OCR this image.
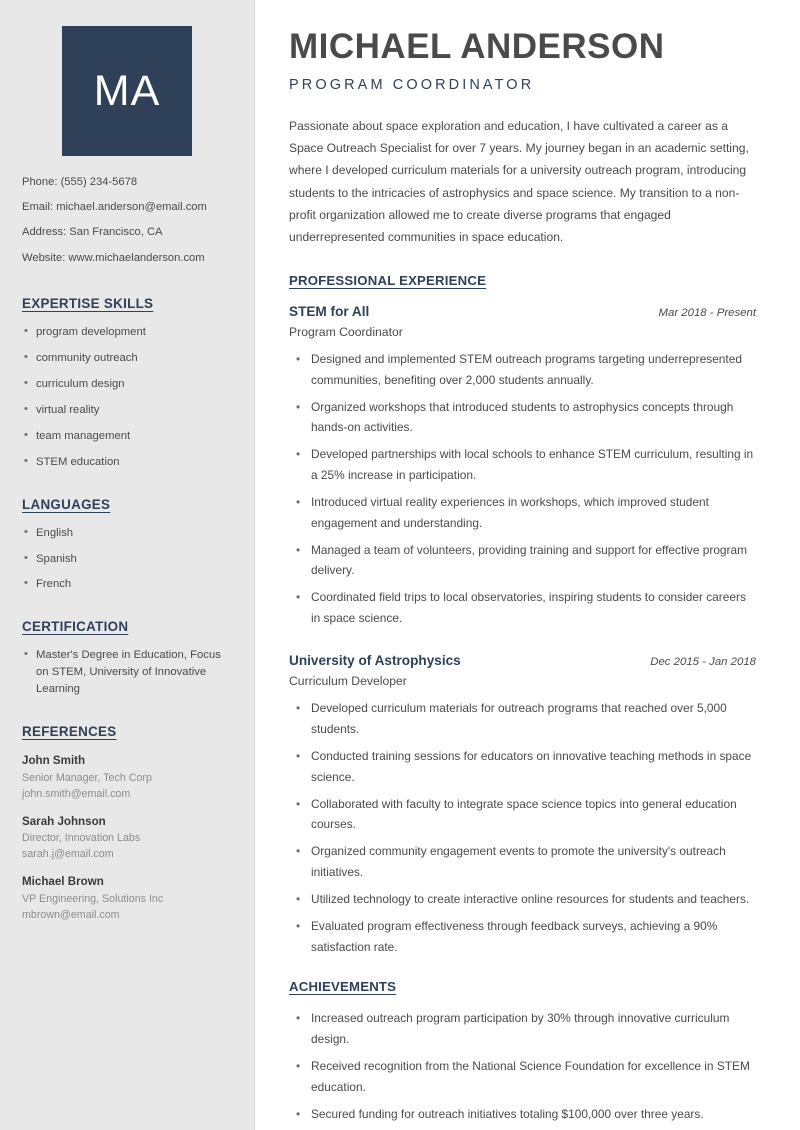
MA
Phone: (555) 234-5678
Email: michael.anderson@email.com
Address: San Francisco, CA
Website: www.michaelanderson.com
EXPERTISE SKILLS
• program development
• community outreach
• curriculum design
• virtual reality
• team management
• STEM education
LANGUAGES
• English
• Spanish
• French
CERTIFICATION
• Master's Degree in Education, Focus on STEM, University of Innovative Learning
REFERENCES
John Smith
Senior Manager, Tech Corp
john.smith@email.com
Sarah Johnson
Director, Innovation Labs
sarah.j@email.com
Michael Brown
VP Engineering, Solutions Inc
mbrown@email.com
MICHAEL ANDERSON
PROGRAM COORDINATOR

Passionate about space exploration and education, I have cultivated a career as a Space Outreach Specialist for over 7 years. My journey began in an academic setting, where I developed curriculum materials for a university outreach program, introducing students to the intricacies of astrophysics and space science. My transition to a non-profit organization allowed me to create diverse programs that engaged underrepresented communities in space education.

PROFESSIONAL EXPERIENCE
STEM for All	Mar 2018 - Present
Program Coordinator
• Designed and implemented STEM outreach programs targeting underrepresented communities, benefiting over 2,000 students annually.
• Organized workshops that introduced students to astrophysics concepts through hands-on activities.
• Developed partnerships with local schools to enhance STEM curriculum, resulting in a 25% increase in participation.
• Introduced virtual reality experiences in workshops, which improved student engagement and understanding.
• Managed a team of volunteers, providing training and support for effective program delivery.
• Coordinated field trips to local observatories, inspiring students to consider careers in space science.
University of Astrophysics	Dec 2015 - Jan 2018
Curriculum Developer
• Developed curriculum materials for outreach programs that reached over 5,000 students.
• Conducted training sessions for educators on innovative teaching methods in space science.
• Collaborated with faculty to integrate space science topics into general education courses.
• Organized community engagement events to promote the university's outreach initiatives.
• Utilized technology to create interactive online resources for students and teachers.
• Evaluated program effectiveness through feedback surveys, achieving a 90% satisfaction rate.
ACHIEVEMENTS
• Increased outreach program participation by 30% through innovative curriculum design.
• Received recognition from the National Science Foundation for excellence in STEM education.
• Secured funding for outreach initiatives totaling $100,000 over three years.
